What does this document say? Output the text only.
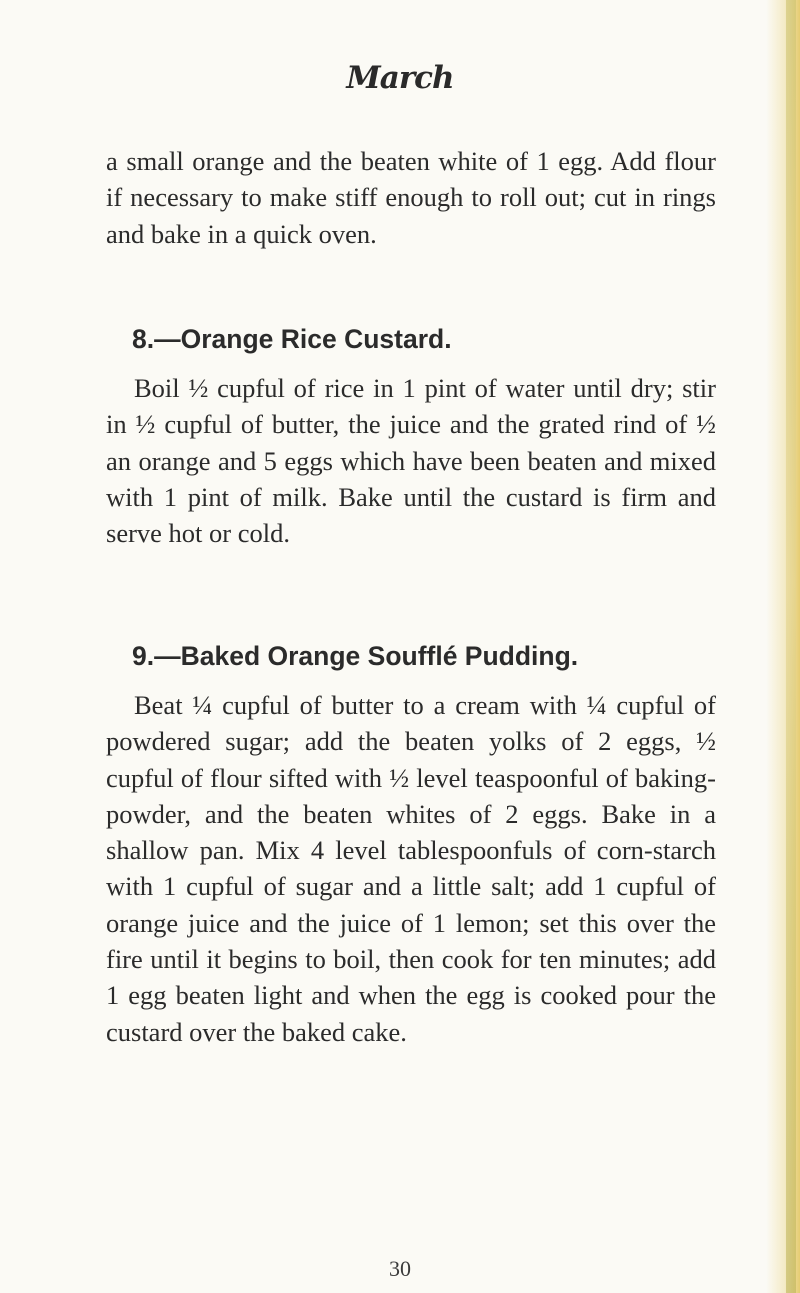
March

a small orange and the beaten white of 1 egg. Add flour if necessary to make stiff enough to roll out; cut in rings and bake in a quick oven.

8.—Orange Rice Custard.

Boil ½ cupful of rice in 1 pint of water until dry; stir in ½ cupful of butter, the juice and the grated rind of ½ an orange and 5 eggs which have been beaten and mixed with 1 pint of milk. Bake until the custard is firm and serve hot or cold.

9.—Baked Orange Soufflé Pudding.

Beat ¼ cupful of butter to a cream with ¼ cupful of powdered sugar; add the beaten yolks of 2 eggs, ½ cupful of flour sifted with ½ level teaspoonful of baking-powder, and the beaten whites of 2 eggs. Bake in a shallow pan. Mix 4 level tablespoonfuls of corn-starch with 1 cupful of sugar and a little salt; add 1 cupful of orange juice and the juice of 1 lemon; set this over the fire until it begins to boil, then cook for ten minutes; add 1 egg beaten light and when the egg is cooked pour the custard over the baked cake.

30
